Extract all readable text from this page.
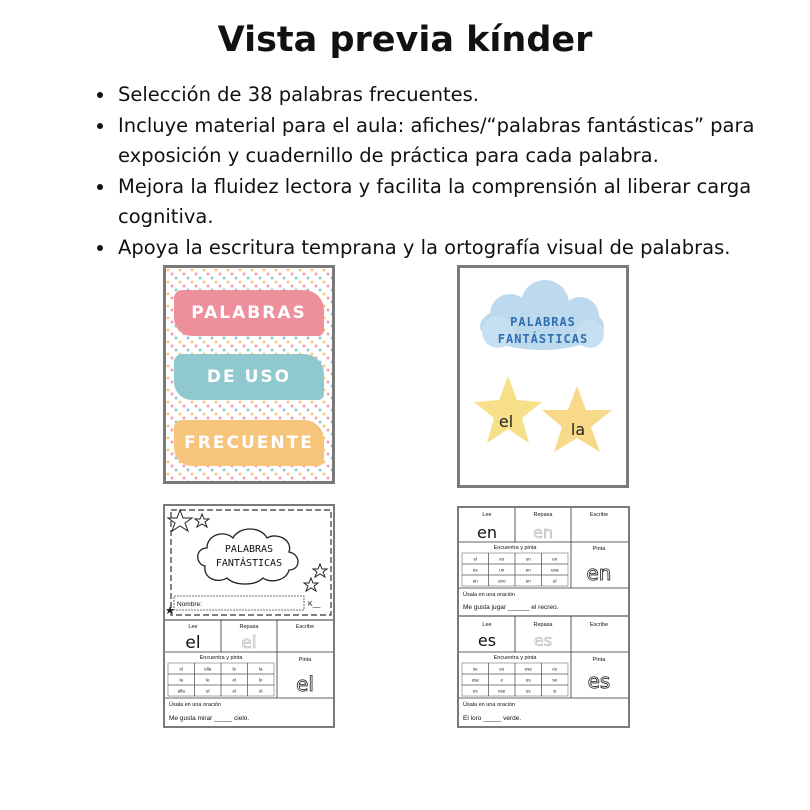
Vista previa kínder
• Selección de 38 palabras frecuentes.
• Incluye material para el aula: afiches/“palabras fantásticas” para exposición y cuadernillo de práctica para cada palabra.
• Mejora la fluidez lectora y facilita la comprensión al liberar carga cognitiva.
• Apoya la escritura temprana y la ortografía visual de palabras.
PALABRAS
DE USO
FRECUENTE
PALABRAS
FANTÁSTICAS
el	la
PALABRAS
FANTÁSTICAS
Nombre:	K__
Lee	Repasa	Escribe
el el
Encuentra y pinta	Pinta
el
el	ella	le	la
la	le	el	le
ella	el	el	el
Úsala en una oración
Me gusta mirar _____ cielo.
Lee	Repasa	Escribe
en en
Encuentra y pinta	Pinta
en
el	es	un	en
es	un	en	una
en	uno	en	el
Úsala en una oración
Me gusta jugar ______ el recreo.
Lee	Repasa	Escribe
es es
Encuentra y pinta	Pinta
es
se	es	ese	es
ese	e	es	se
es	ese	es	si
Úsala en una oración
El loro _____ verde.
